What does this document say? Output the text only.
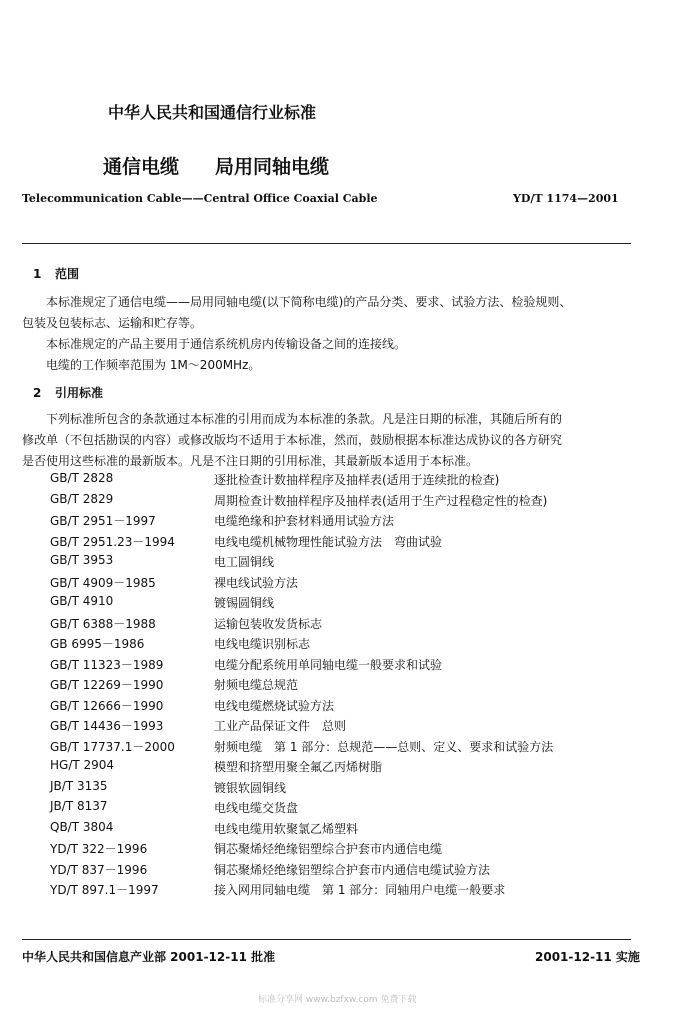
中华人民共和国通信行业标准
通信电缆 局用同轴电缆
Telecommunication Cable——Central Office Coaxial Cable	YD/T 1174—2001
1 范围

本标准规定了通信电缆——局用同轴电缆(以下简称电缆)的产品分类、要求、试验方法、检验规则、

包装及包装标志、运输和贮存等。

本标准规定的产品主要用于通信系统机房内传输设备之间的连接线。

电缆的工作频率范围为 1M～200MHz。

2 引用标准

下列标准所包含的条款通过本标准的引用而成为本标准的条款。凡是注日期的标准，其随后所有的

修改单（不包括勘误的内容）或修改版均不适用于本标准，然而，鼓励根据本标准达成协议的各方研究

是否使用这些标准的最新版本。凡是不注日期的引用标准，其最新版本适用于本标准。

GB/T 2828	逐批检查计数抽样程序及抽样表(适用于连续批的检查)
GB/T 2829	周期检查计数抽样程序及抽样表(适用于生产过程稳定性的检查)
GB/T 2951－1997	电缆绝缘和护套材料通用试验方法
GB/T 2951.23－1994	电线电缆机械物理性能试验方法　弯曲试验
GB/T 3953	电工圆铜线
GB/T 4909－1985	裸电线试验方法
GB/T 4910	镀锡圆铜线
GB/T 6388－1988	运输包装收发货标志
GB 6995－1986	电线电缆识别标志
GB/T 11323－1989	电缆分配系统用单同轴电缆一般要求和试验
GB/T 12269－1990	射频电缆总规范
GB/T 12666－1990	电线电缆燃烧试验方法
GB/T 14436－1993	工业产品保证文件　总则
GB/T 17737.1－2000	射频电缆　第 1 部分：总规范——总则、定义、要求和试验方法
HG/T 2904	模塑和挤塑用聚全氟乙丙烯树脂
JB/T 3135	镀银软圆铜线
JB/T 8137	电线电缆交货盘
QB/T 3804	电线电缆用软聚氯乙烯塑料
YD/T 322－1996	铜芯聚烯烃绝缘铝塑综合护套市内通信电缆
YD/T 837－1996	铜芯聚烯烃绝缘铝塑综合护套市内通信电缆试验方法
YD/T 897.1－1997	接入网用同轴电缆　第 1 部分：同轴用户电缆一般要求
中华人民共和国信息产业部 2001-12-11 批准	2001-12-11 实施
标准分享网 www.bzfxw.com 免费下载
